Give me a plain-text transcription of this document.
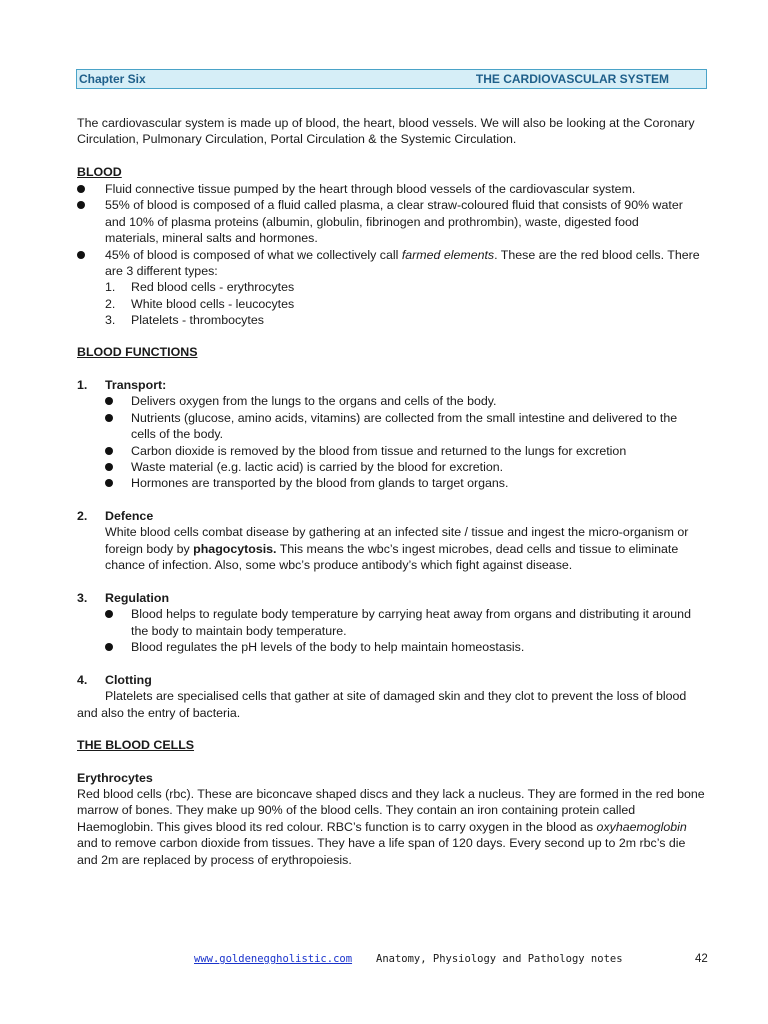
Chapter Six	THE CARDIOVASCULAR SYSTEM
The cardiovascular system is made up of blood, the heart, blood vessels. We will also be looking at the Coronary Circulation, Pulmonary Circulation, Portal Circulation & the Systemic Circulation.
BLOOD
Fluid connective tissue pumped by the heart through blood vessels of the cardiovascular system.
55% of blood is composed of a fluid called plasma, a clear straw-coloured fluid that consists of 90% water and 10% of plasma proteins (albumin, globulin, fibrinogen and prothrombin), waste, digested food materials, mineral salts and hormones.
45% of blood is composed of what we collectively call farmed elements. These are the red blood cells. There are 3 different types:
1. Red blood cells - erythrocytes
2. White blood cells - leucocytes
3. Platelets - thrombocytes
BLOOD FUNCTIONS
1. Transport:
Delivers oxygen from the lungs to the organs and cells of the body.
Nutrients (glucose, amino acids, vitamins) are collected from the small intestine and delivered to the cells of the body.
Carbon dioxide is removed by the blood from tissue and returned to the lungs for excretion
Waste material (e.g. lactic acid) is carried by the blood for excretion.
Hormones are transported by the blood from glands to target organs.
2. Defence
White blood cells combat disease by gathering at an infected site / tissue and ingest the micro-organism or foreign body by phagocytosis. This means the wbc’s ingest microbes, dead cells and tissue to eliminate chance of infection. Also, some wbc’s produce antibody’s which fight against disease.
3. Regulation
Blood helps to regulate body temperature by carrying heat away from organs and distributing it around the body to maintain body temperature.
Blood regulates the pH levels of the body to help maintain homeostasis.
4. Clotting
Platelets are specialised cells that gather at site of damaged skin and they clot to prevent the loss of blood and also the entry of bacteria.
THE BLOOD CELLS
Erythrocytes
Red blood cells (rbc). These are biconcave shaped discs and they lack a nucleus. They are formed in the red bone marrow of bones. They make up 90% of the blood cells. They contain an iron containing protein called Haemoglobin. This gives blood its red colour. RBC’s function is to carry oxygen in the blood as oxyhaemoglobin and to remove carbon dioxide from tissues. They have a life span of 120 days. Every second up to 2m rbc’s die and 2m are replaced by process of erythropoiesis.
www.goldeneggholistic.com Anatomy, Physiology and Pathology notes	42
